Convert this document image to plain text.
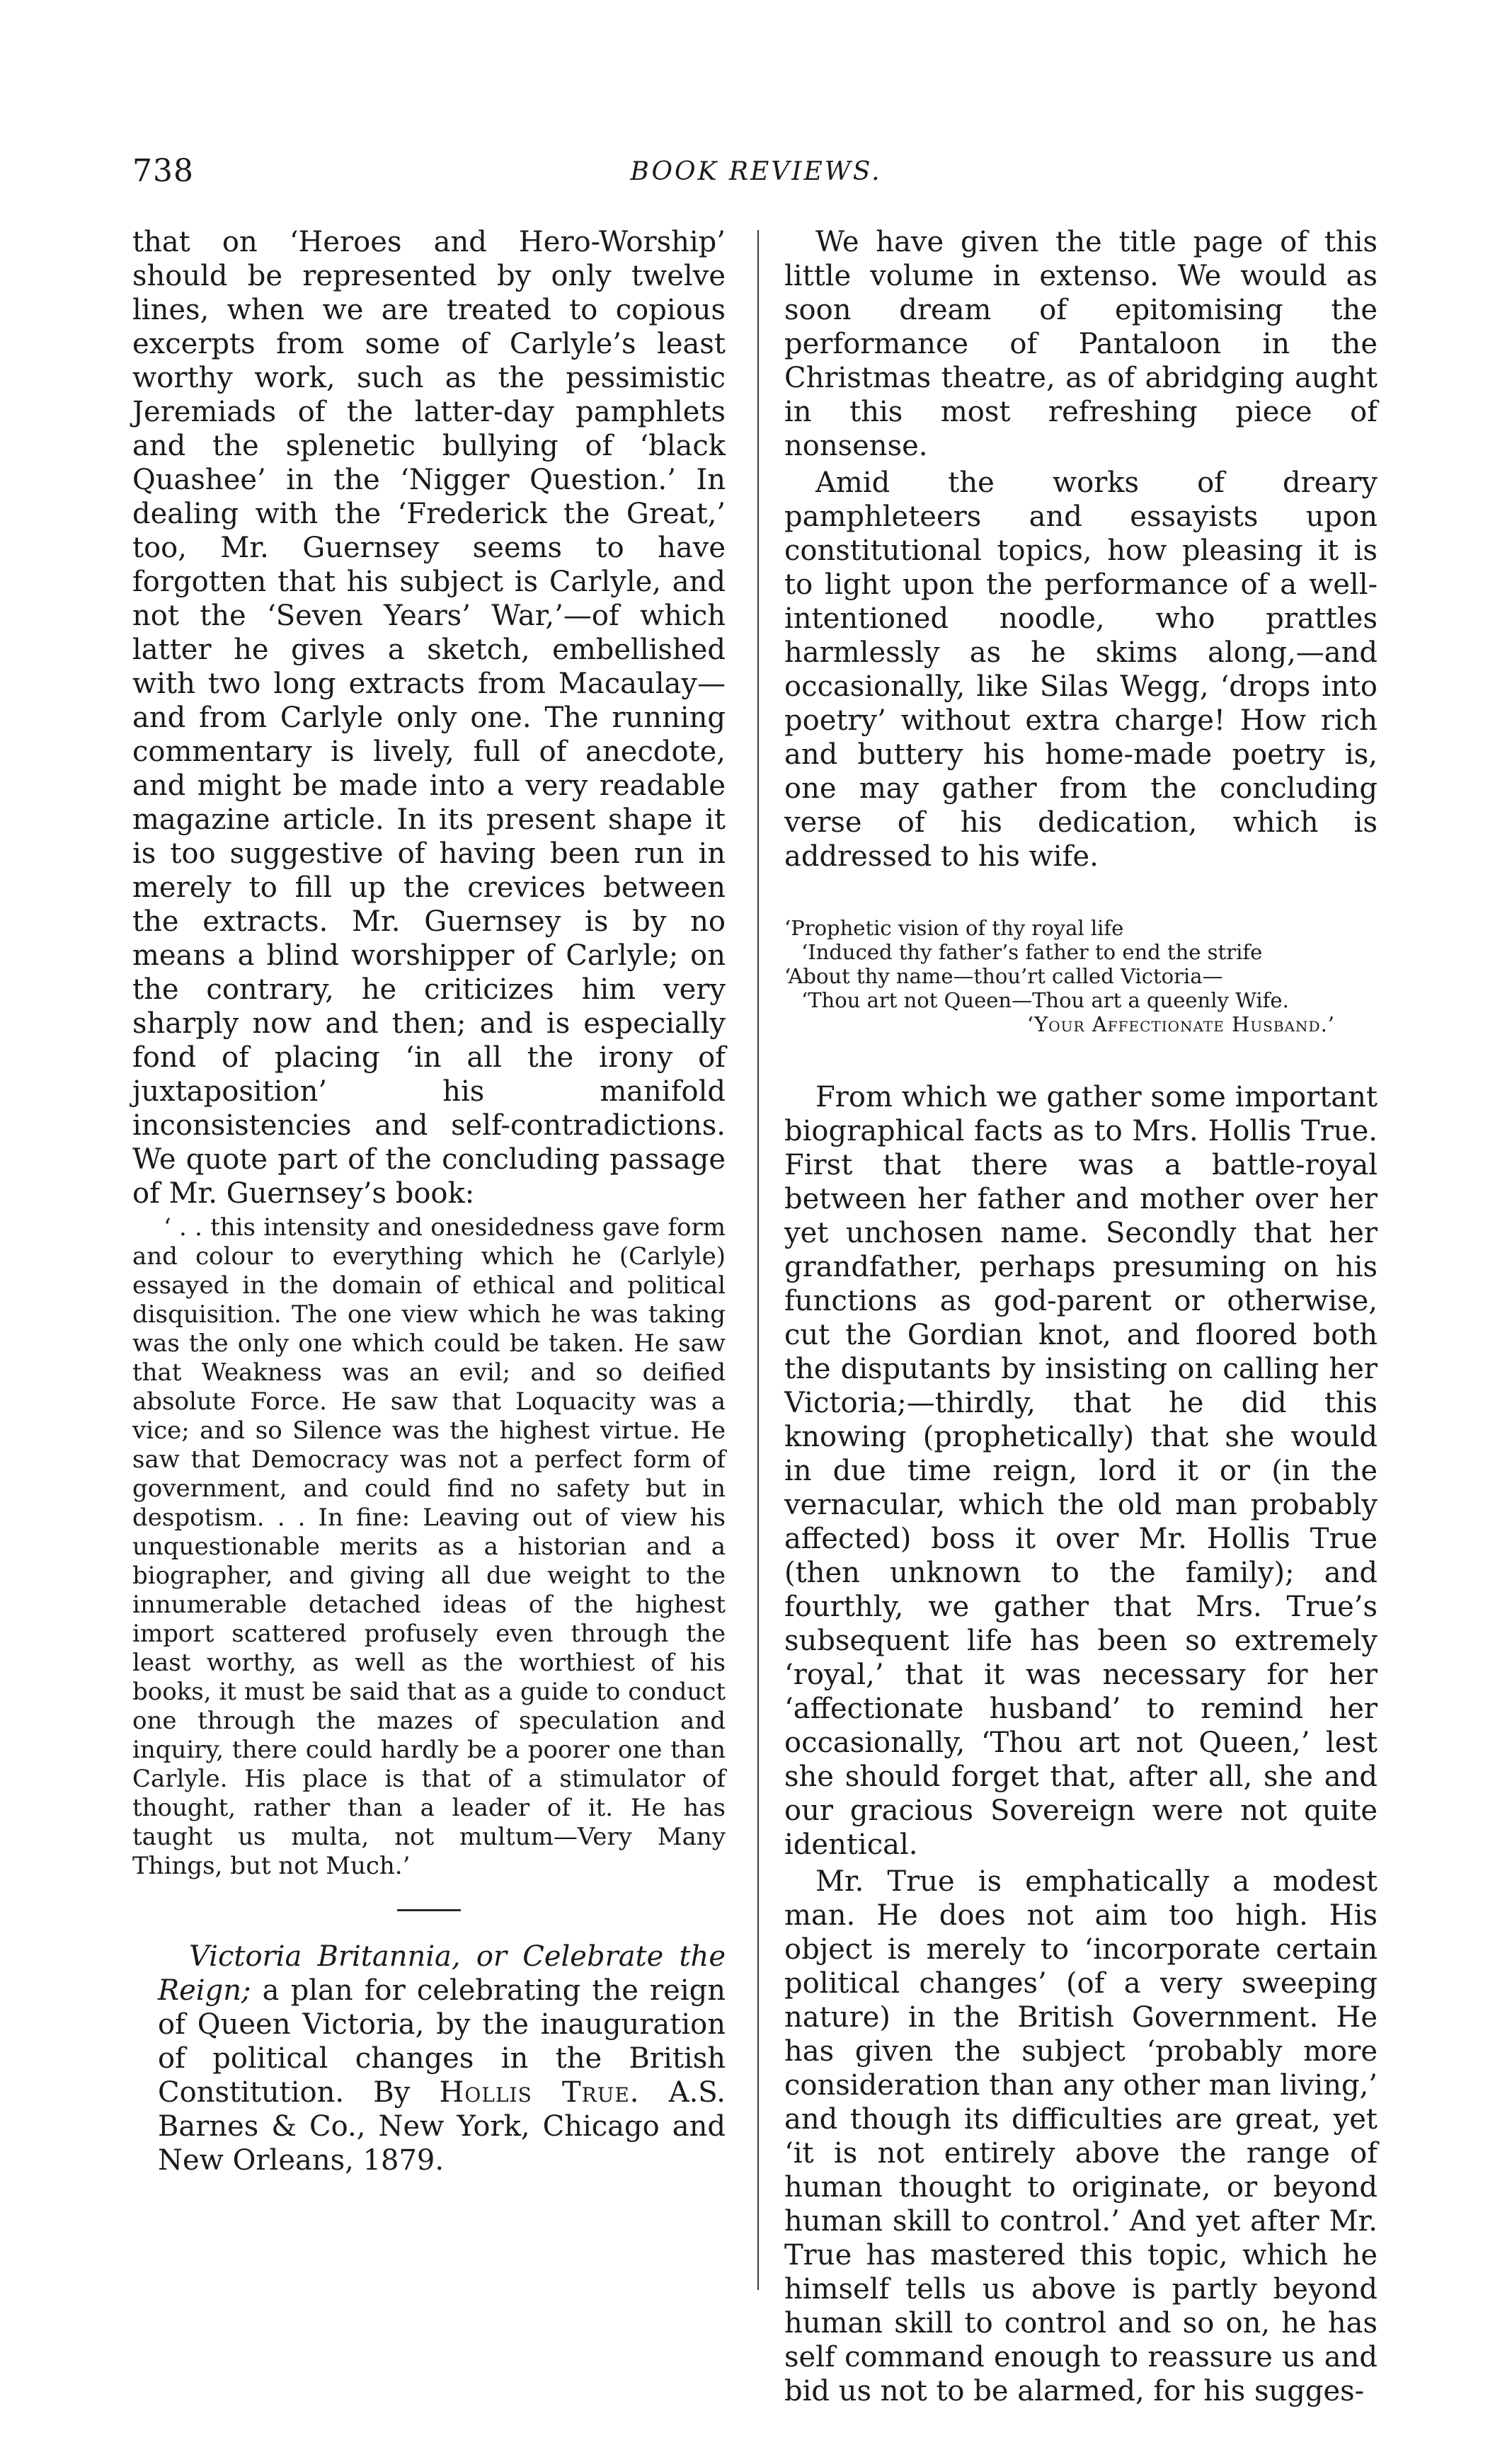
738	BOOK REVIEWS.

that on ‘Heroes and Hero-Worship’ should be represented by only twelve lines, when we are treated to copious excerpts from some of Carlyle’s least worthy work, such as the pessimistic Jeremiads of the latter-day pamphlets and the splenetic bullying of ‘black Quashee’ in the ‘Nigger Question.’ In dealing with the ‘Frederick the Great,’ too, Mr. Guernsey seems to have forgotten that his subject is Carlyle, and not the ‘Seven Years’ War,’—of which latter he gives a sketch, embellished with two long extracts from Macaulay—and from Carlyle only one. The running commentary is lively, full of anecdote, and might be made into a very readable magazine article. In its present shape it is too suggestive of having been run in merely to fill up the crevices between the extracts. Mr. Guernsey is by no means a blind worshipper of Carlyle; on the contrary, he criticizes him very sharply now and then; and is especially fond of placing ‘in all the irony of juxtaposition’ his manifold inconsistencies and self-contradictions. We quote part of the concluding passage of Mr. Guernsey’s book:

‘ . . this intensity and onesidedness gave form and colour to everything which he (Carlyle) essayed in the domain of ethical and political disquisition. The one view which he was taking was the only one which could be taken. He saw that Weakness was an evil; and so deified absolute Force. He saw that Loquacity was a vice; and so Silence was the highest virtue. He saw that Democracy was not a perfect form of government, and could find no safety but in despotism. . . In fine: Leaving out of view his unquestionable merits as a historian and a biographer, and giving all due weight to the innumerable detached ideas of the highest import scattered profusely even through the least worthy, as well as the worthiest of his books, it must be said that as a guide to conduct one through the mazes of speculation and inquiry, there could hardly be a poorer one than Carlyle. His place is that of a stimulator of thought, rather than a leader of it. He has taught us multa, not multum—Very Many Things, but not Much.’

Victoria Britannia, or Celebrate the Reign; a plan for celebrating the reign of Queen Victoria, by the inauguration of political changes in the British Constitution. By Hollis True. A.S. Barnes & Co., New York, Chicago and New Orleans, 1879.

We have given the title page of this little volume in extenso. We would as soon dream of epitomising the performance of Pantaloon in the Christmas theatre, as of abridging aught in this most refreshing piece of nonsense.

Amid the works of dreary pamphleteers and essayists upon constitutional topics, how pleasing it is to light upon the performance of a well-intentioned noodle, who prattles harmlessly as he skims along,—and occasionally, like Silas Wegg, ‘drops into poetry’ without extra charge! How rich and buttery his home-made poetry is, one may gather from the concluding verse of his dedication, which is addressed to his wife.

‘Prophetic vision of thy royal life
‘Induced thy father’s father to end the strife
‘About thy name—thou’rt called Victoria—
‘Thou art not Queen—Thou art a queenly Wife.
‘Your Affectionate Husband.’

From which we gather some important biographical facts as to Mrs. Hollis True. First that there was a battle-royal between her father and mother over her yet unchosen name. Secondly that her grandfather, perhaps presuming on his functions as god-parent or otherwise, cut the Gordian knot, and floored both the disputants by insisting on calling her Victoria;—thirdly, that he did this knowing (prophetically) that she would in due time reign, lord it or (in the vernacular, which the old man probably affected) boss it over Mr. Hollis True (then unknown to the family); and fourthly, we gather that Mrs. True’s subsequent life has been so extremely ‘royal,’ that it was necessary for her ‘affectionate husband’ to remind her occasionally, ‘Thou art not Queen,’ lest she should forget that, after all, she and our gracious Sovereign were not quite identical.

Mr. True is emphatically a modest man. He does not aim too high. His object is merely to ‘incorporate certain political changes’ (of a very sweeping nature) in the British Government. He has given the subject ‘probably more consideration than any other man living,’ and though its difficulties are great, yet ‘it is not entirely above the range of human thought to originate, or beyond human skill to control.’ And yet after Mr. True has mastered this topic, which he himself tells us above is partly beyond human skill to control and so on, he has self command enough to reassure us and bid us not to be alarmed, for his sugges-
